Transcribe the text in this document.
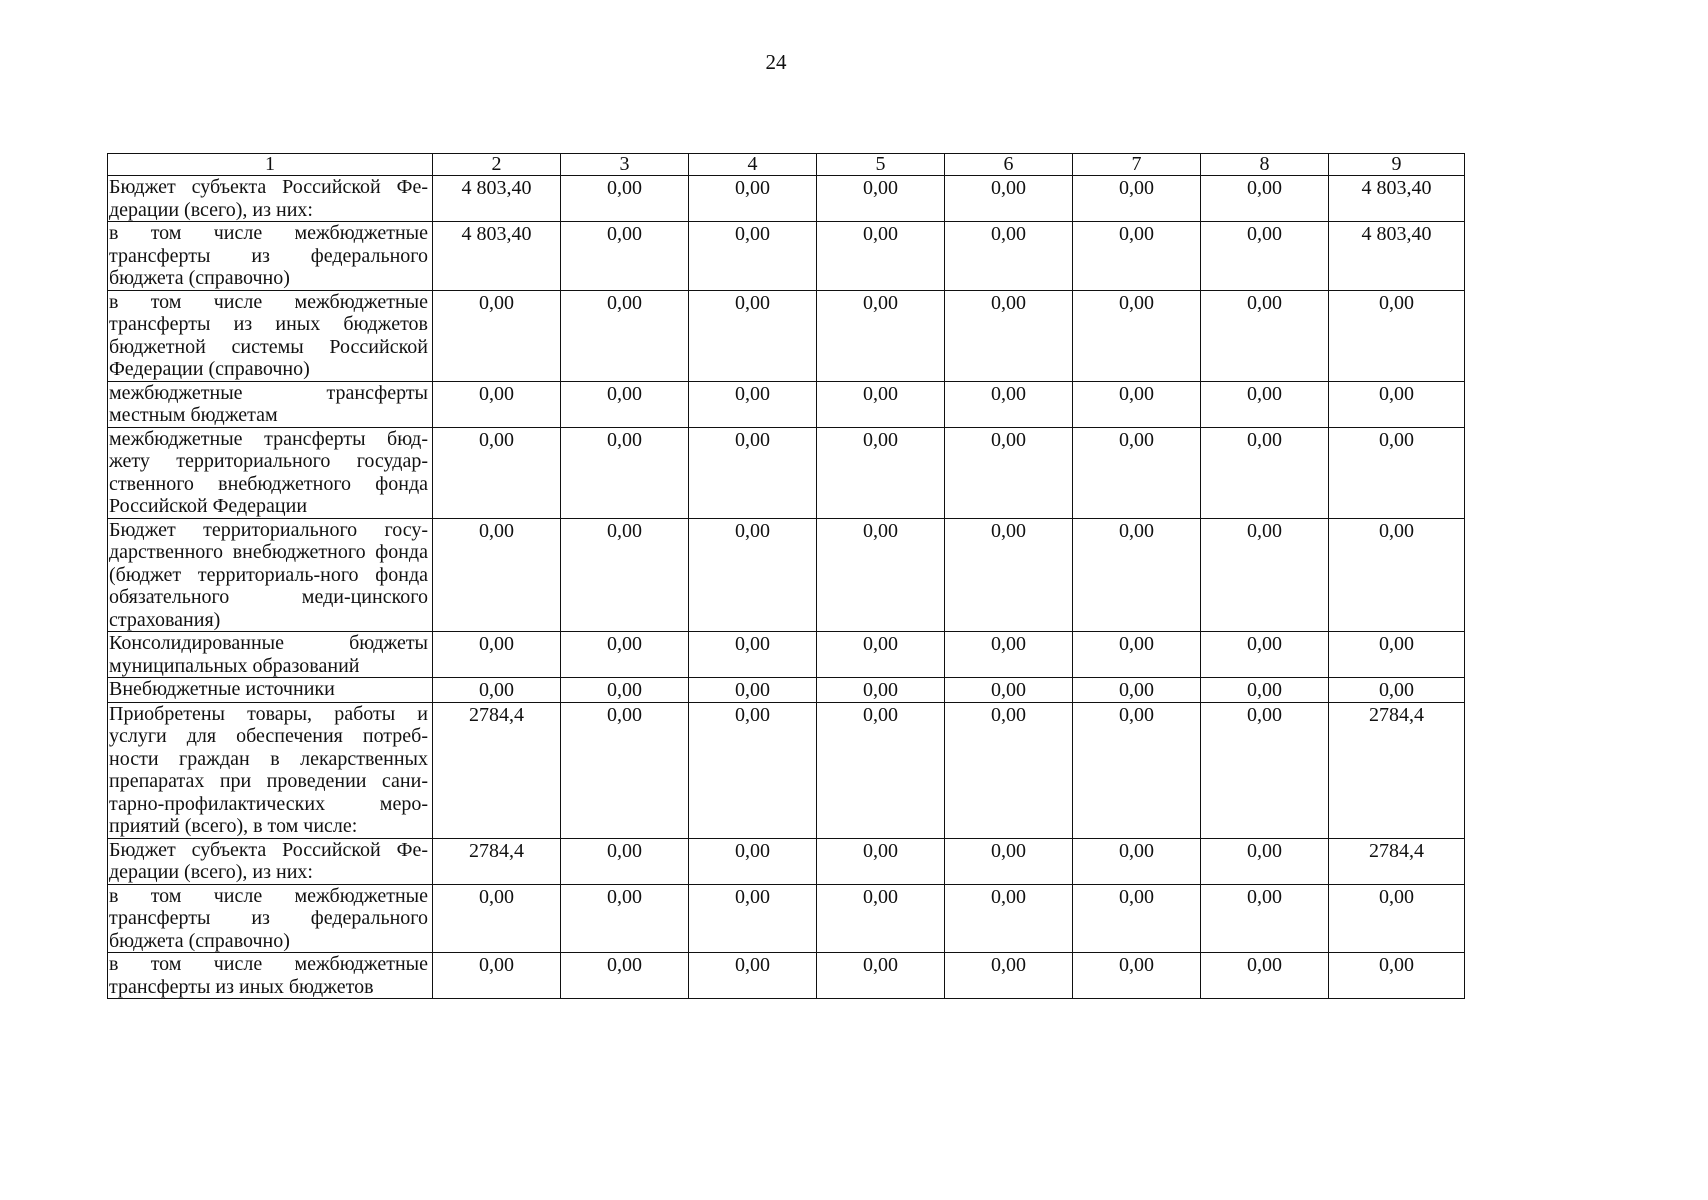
24
1	2	3	4	5	6	7	8	9
Бюджет субъекта Российской Фе-дерации (всего), из них:	4 803,40	0,00	0,00	0,00	0,00	0,00	0,00	4 803,40
в том числе межбюджетные трансферты из федерального бюджета (справочно)	4 803,40	0,00	0,00	0,00	0,00	0,00	0,00	4 803,40
в том числе межбюджетные трансферты из иных бюджетов бюджетной системы Российской Федерации (справочно)	0,00	0,00	0,00	0,00	0,00	0,00	0,00	0,00
межбюджетные трансферты местным бюджетам	0,00	0,00	0,00	0,00	0,00	0,00	0,00	0,00
межбюджетные трансферты бюд-жету территориального государ-ственного внебюджетного фонда Российской Федерации	0,00	0,00	0,00	0,00	0,00	0,00	0,00	0,00
Бюджет территориального госу-дарственного внебюджетного фонда (бюджет территориаль-ного фонда обязательного меди-цинского страхования)	0,00	0,00	0,00	0,00	0,00	0,00	0,00	0,00
Консолидированные бюджеты муниципальных образований	0,00	0,00	0,00	0,00	0,00	0,00	0,00	0,00
Внебюджетные источники	0,00	0,00	0,00	0,00	0,00	0,00	0,00	0,00
Приобретены товары, работы и услуги для обеспечения потреб-ности граждан в лекарственных препаратах при проведении сани-тарно-профилактических меро-приятий (всего), в том числе:	2784,4	0,00	0,00	0,00	0,00	0,00	0,00	2784,4
Бюджет субъекта Российской Фе-дерации (всего), из них:	2784,4	0,00	0,00	0,00	0,00	0,00	0,00	2784,4
в том числе межбюджетные трансферты из федерального бюджета (справочно)	0,00	0,00	0,00	0,00	0,00	0,00	0,00	0,00
в том числе межбюджетные трансферты из иных бюджетов	0,00	0,00	0,00	0,00	0,00	0,00	0,00	0,00
